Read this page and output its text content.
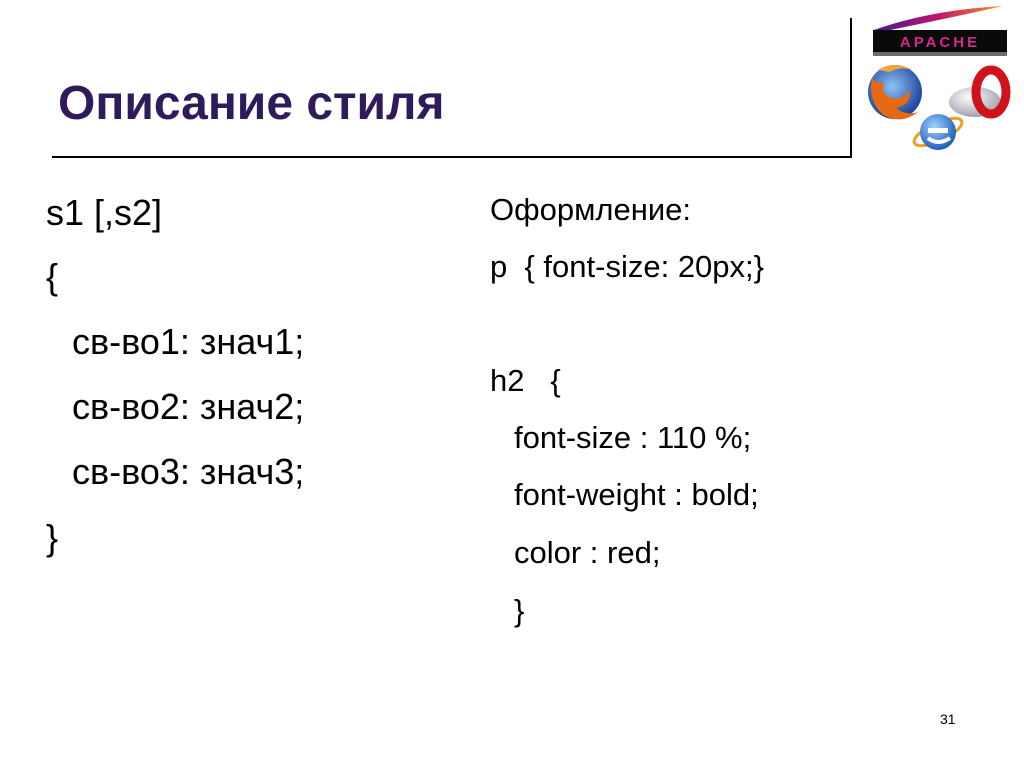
Описание стиля
s1 [,s2]
{
св-во1: знач1;
св-во2: знач2;
св-во3: знач3;
}
Оформление:
p  { font-size: 20px;}
h2   {
font-size : 110 %;
font-weight : bold;
color : red;
}
31
APACHE
